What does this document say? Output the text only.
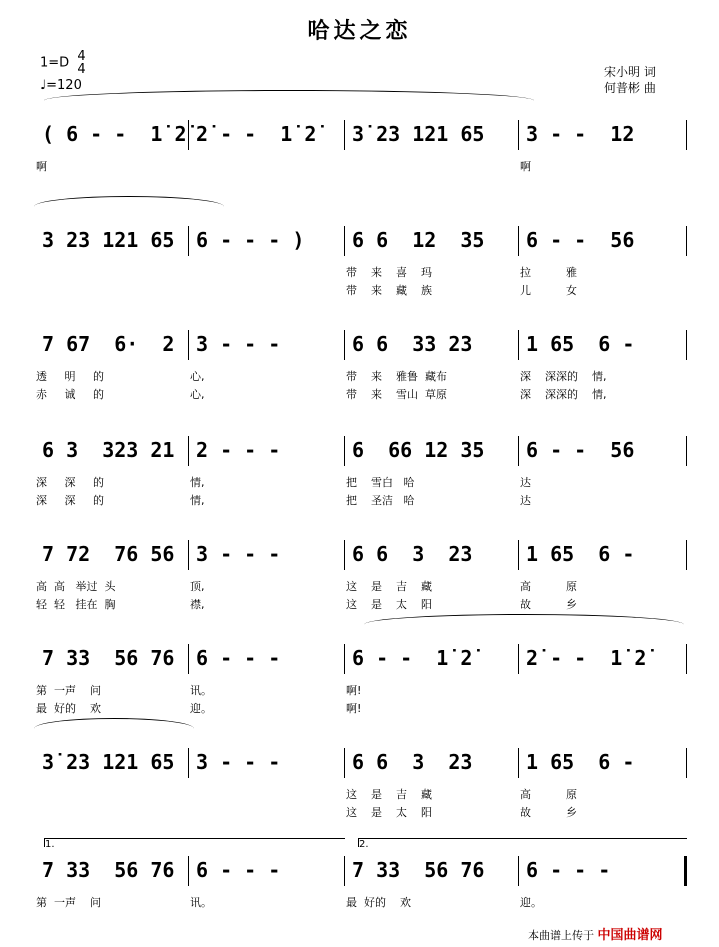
哈达之恋
1=D 4
4
♩=120
宋小明 词
何普彬 曲
( 6 - -  1̇ 2̇
啊
2̇ - -  1̇ 2̇ 3̇ 23 121 65 3 - -  12
啊
3 23 121 65 6 - - - ) 6 6  12  35
带    来    喜    玛
带    来    藏    族
6 - -  56
拉          雅
儿          女
7 67  6·  2
透     明     的
赤     诚     的
3 - - -
心,
心,
6 6  33 23
带    来    雅鲁  藏布
带    来    雪山  草原
1 65  6 -
深    深深的    情,
深    深深的    情,
6 3  323 21
深     深     的
深     深     的
2 - - -
情,
情,
6  66 12 35
把    雪白   哈
把    圣洁   哈
6 - -  56
达
达
7 72  76 56
高  高   举过  头
轻  轻   挂在  胸
3 - - -
顶,
襟,
6 6  3  23
这    是    吉    藏
这    是    太    阳
1 65  6 -
高          原
故          乡
7 33  56 76
第  一声    问
最  好的    欢
6 - - -
讯。
迎。
6 - -  1̇ 2̇
啊!
啊!
2̇ - -  1̇ 2̇
3̇ 23 121 65 3 - - -	6 6  3  23
这    是    吉    藏
这    是    太    阳
1 65  6 -
高          原
故          乡
7 33  56 76
第  一声    问
6 - - -
讯。
7 33  56 76
最  好的    欢
6 - - -
迎。
1.	2.
本曲谱上传于 中国曲谱网
